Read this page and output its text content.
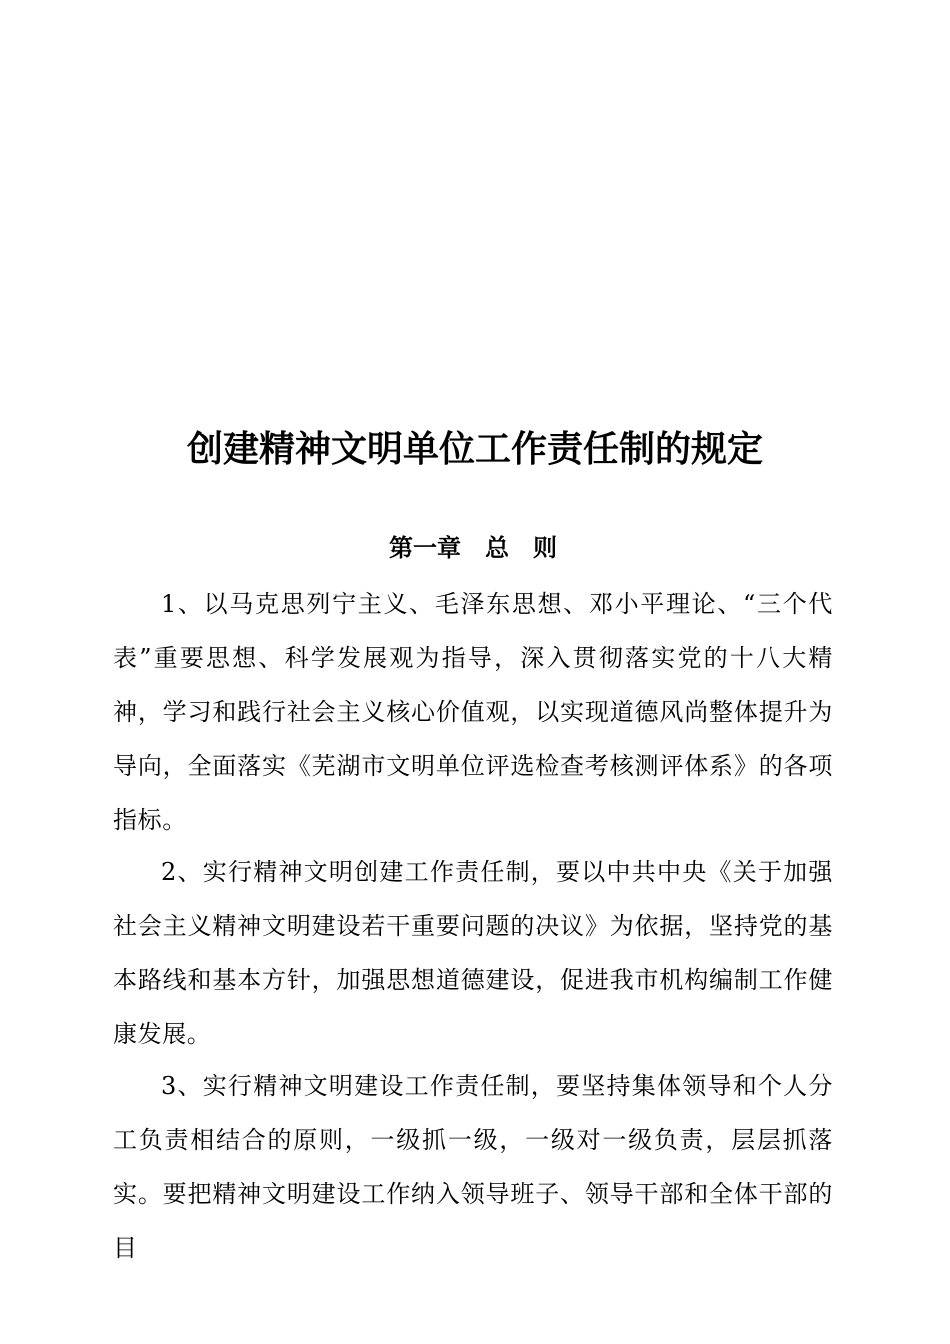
创建精神文明单位工作责任制的规定
第一章　总　则

1、以马克思列宁主义、毛泽东思想、邓小平理论、“三个代表”重要思想、科学发展观为指导，深入贯彻落实党的十八大精神，学习和践行社会主义核心价值观，以实现道德风尚整体提升为导向，全面落实《芜湖市文明单位评选检查考核测评体系》的各项指标。

2、实行精神文明创建工作责任制，要以中共中央《关于加强社会主义精神文明建设若干重要问题的决议》为依据，坚持党的基本路线和基本方针，加强思想道德建设，促进我市机构编制工作健康发展。

3、实行精神文明建设工作责任制，要坚持集体领导和个人分工负责相结合的原则，一级抓一级，一级对一级负责，层层抓落实。要把精神文明建设工作纳入领导班子、领导干部和全体干部的目
